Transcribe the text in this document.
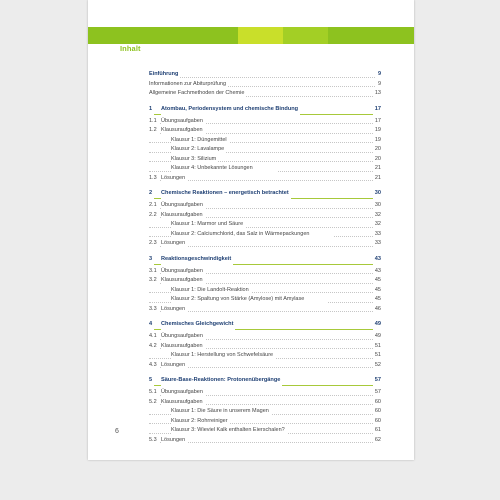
Inhalt
Einführung	9
Informationen zur Abiturprüfung	9
Allgemeine Fachmethoden der Chemie	13
1	Atombau, Periodensystem und chemische Bindung	17
1.1 Übungsaufgaben	17
1.2 Klausuraufgaben	19
Klausur 1: Düngemittel	19
Klausur 2: Lavalampe	20
Klausur 3: Silizium	20
Klausur 4: Unbekannte Lösungen Experiment	21
1.3 Lösungen	21
2	Chemische Reaktionen – energetisch betrachtet	30
2.1 Übungsaufgaben	30
2.2 Klausuraufgaben	32
Klausur 1: Marmor und Säure	32
Klausur 2: Calciumchlorid, das Salz in Wärmepackungen Experiment	33
2.3 Lösungen	33
3	Reaktionsgeschwindigkeit	43
3.1 Übungsaufgaben	43
3.2 Klausuraufgaben	45
Klausur 1: Die Landolt-Reaktion	45
Klausur 2: Spaltung von Stärke (Amylose) mit Amylase Experiment	45
3.3 Lösungen	46
4	Chemisches Gleichgewicht	49
4.1 Übungsaufgaben	49
4.2 Klausuraufgaben	51
Klausur 1: Herstellung von Schwefelsäure	51
4.3 Lösungen	52
5	Säure-Base-Reaktionen: Protonenübergänge	57
5.1 Übungsaufgaben	57
5.2 Klausuraufgaben	60
Klausur 1: Die Säure in unserem Magen	60
Klausur 2: Rohrreiniger	60
Klausur 3: Wieviel Kalk enthalten Eierschalen?	61
5.3 Lösungen	62
6
